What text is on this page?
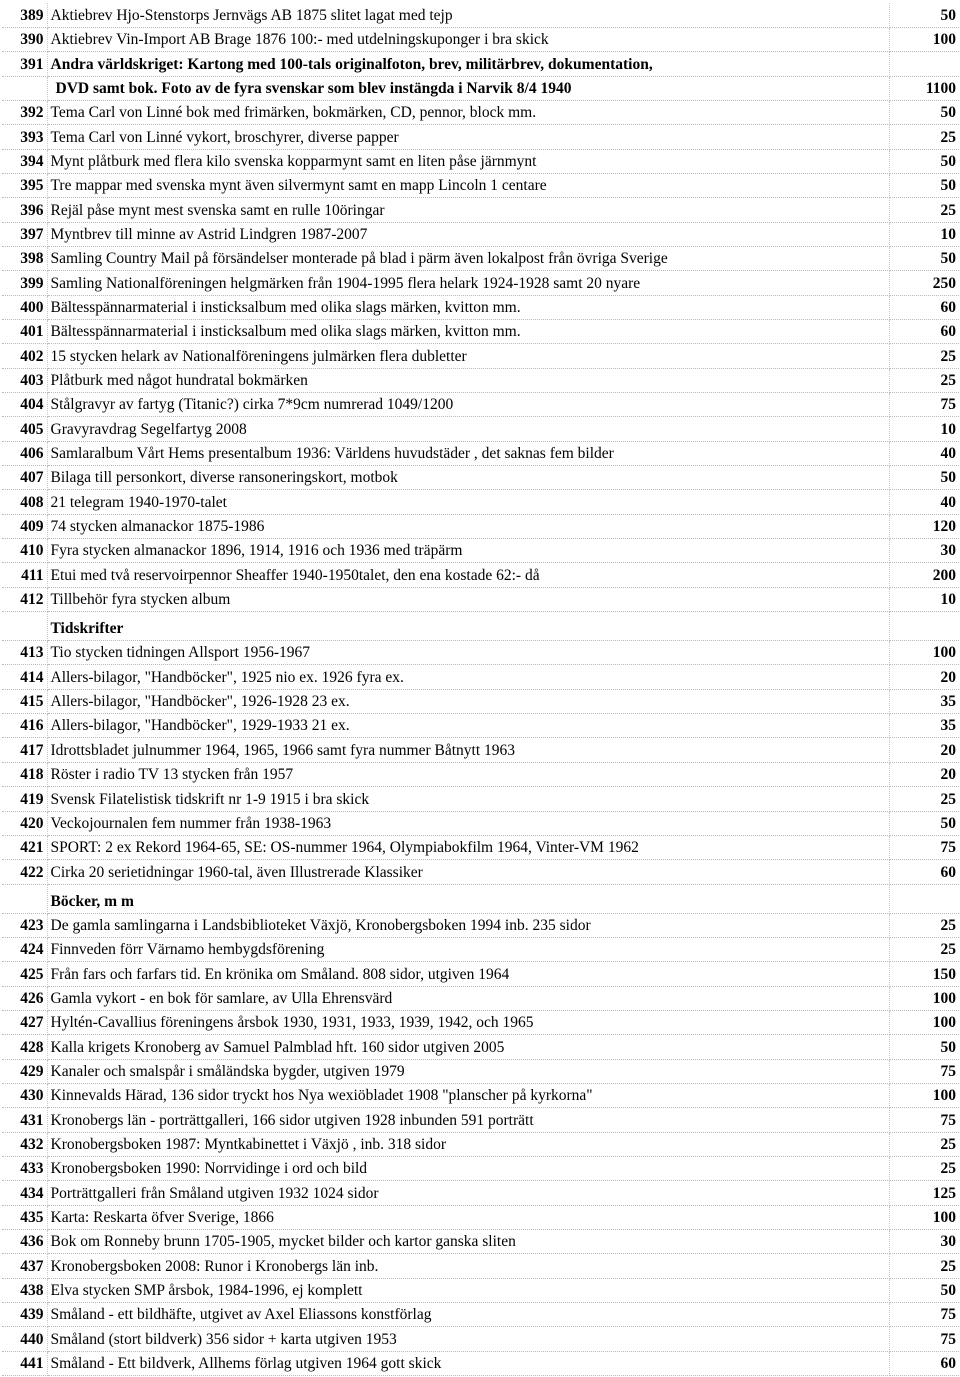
389	Aktiebrev Hjo-Stenstorps Jernvägs AB 1875 slitet lagat med tejp	50
390	Aktiebrev Vin-Import AB Brage 1876 100:- med utdelningskuponger i bra skick	100
391	Andra världskriget: Kartong med 100-tals originalfoton, brev, militärbrev, dokumentation,	
	DVD samt bok. Foto av de fyra svenskar som blev instängda i Narvik 8/4 1940	1100
392	Tema Carl von Linné bok med frimärken, bokmärken, CD, pennor, block mm.	50
393	Tema Carl von Linné vykort, broschyrer, diverse papper	25
394	Mynt plåtburk med flera kilo svenska kopparmynt samt en liten påse järnmynt	50
395	Tre mappar med svenska mynt även silvermynt samt en mapp Lincoln 1 centare	50
396	Rejäl påse mynt mest svenska samt en rulle 10öringar	25
397	Myntbrev till minne av Astrid Lindgren 1987-2007	10
398	Samling Country Mail på försändelser monterade på blad i pärm även lokalpost från övriga Sverige	50
399	Samling Nationalföreningen helgmärken från 1904-1995 flera helark 1924-1928 samt 20 nyare	250
400	Bältesspännarmaterial i insticksalbum med olika slags märken, kvitton mm.	60
401	Bältesspännarmaterial i insticksalbum med olika slags märken, kvitton mm.	60
402	15 stycken helark av Nationalföreningens julmärken flera dubletter	25
403	Plåtburk med något hundratal bokmärken	25
404	Stålgravyr av fartyg (Titanic?) cirka 7*9cm numrerad 1049/1200	75
405	Gravyravdrag Segelfartyg 2008	10
406	Samlaralbum Vårt Hems presentalbum 1936: Världens huvudstäder , det saknas fem bilder	40
407	Bilaga till personkort, diverse ransoneringskort, motbok	50
408	21 telegram 1940-1970-talet	40
409	74 stycken almanackor 1875-1986	120
410	Fyra stycken almanackor 1896, 1914, 1916 och 1936 med träpärm	30
411	Etui med två reservoirpennor Sheaffer 1940-1950talet, den ena kostade 62:- då	200
412	Tillbehör fyra stycken album	10
	Tidskrifter	
413	Tio stycken tidningen Allsport 1956-1967	100
414	Allers-bilagor, "Handböcker", 1925 nio ex. 1926 fyra ex.	20
415	Allers-bilagor, "Handböcker", 1926-1928 23 ex.	35
416	Allers-bilagor, "Handböcker", 1929-1933 21 ex.	35
417	Idrottsbladet julnummer 1964, 1965, 1966 samt fyra nummer Båtnytt 1963	20
418	Röster i radio TV 13 stycken från 1957	20
419	Svensk Filatelistisk tidskrift nr 1-9 1915 i bra skick	25
420	Veckojournalen fem nummer från 1938-1963	50
421	SPORT: 2 ex Rekord 1964-65, SE: OS-nummer 1964, Olympiabokfilm 1964, Vinter-VM 1962	75
422	Cirka 20 serietidningar 1960-tal, även Illustrerade Klassiker	60
	Böcker, m m	
423	De gamla samlingarna i Landsbiblioteket Växjö, Kronobergsboken 1994 inb. 235 sidor	25
424	Finnveden förr Värnamo hembygdsförening	25
425	Från fars och farfars tid. En krönika om Småland. 808 sidor, utgiven 1964	150
426	Gamla vykort - en bok för samlare, av Ulla Ehrensvärd	100
427	Hyltén-Cavallius föreningens årsbok 1930, 1931, 1933, 1939, 1942, och 1965	100
428	Kalla krigets Kronoberg av Samuel Palmblad hft. 160 sidor utgiven 2005	50
429	Kanaler och smalspår i småländska bygder, utgiven 1979	75
430	Kinnevalds Härad, 136 sidor tryckt hos Nya wexiöbladet 1908 "planscher på kyrkorna"	100
431	Kronobergs län - porträttgalleri, 166 sidor utgiven 1928 inbunden 591 porträtt	75
432	Kronobergsboken 1987: Myntkabinettet i Växjö , inb. 318 sidor	25
433	Kronobergsboken 1990: Norrvidinge i ord och bild	25
434	Porträttgalleri från Småland utgiven 1932 1024 sidor	125
435	Karta: Reskarta öfver Sverige, 1866	100
436	Bok om Ronneby brunn 1705-1905, mycket bilder och kartor ganska sliten	30
437	Kronobergsboken 2008: Runor i Kronobergs län inb.	25
438	Elva stycken SMP årsbok, 1984-1996, ej komplett	50
439	Småland - ett bildhäfte, utgivet av Axel Eliassons konstförlag	75
440	Småland (stort bildverk) 356 sidor + karta utgiven 1953	75
441	Småland - Ett bildverk, Allhems förlag utgiven 1964 gott skick	60
